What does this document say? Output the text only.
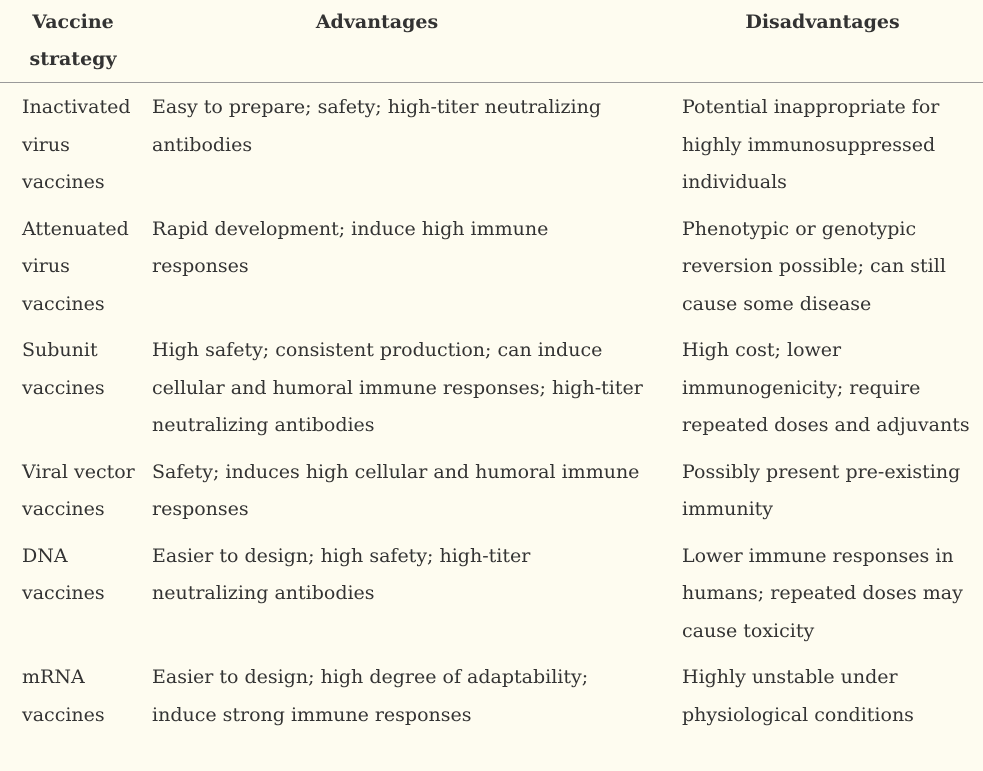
Vaccine strategy	Advantages	Disadvantages
Inactivated virus vaccines	Easy to prepare; safety; high-titer neutralizing antibodies	Potential inappropriate for highly immunosuppressed individuals
Attenuated virus vaccines	Rapid development; induce high immune responses	Phenotypic or genotypic reversion possible; can still cause some disease
Subunit vaccines	High safety; consistent production; can induce cellular and humoral immune responses; high-titer neutralizing antibodies	High cost; lower immunogenicity; require repeated doses and adjuvants
Viral vector vaccines	Safety; induces high cellular and humoral immune responses	Possibly present pre-existing immunity
DNA vaccines	Easier to design; high safety; high-titer neutralizing antibodies	Lower immune responses in humans; repeated doses may cause toxicity
mRNA vaccines	Easier to design; high degree of adaptability; induce strong immune responses	Highly unstable under physiological conditions
